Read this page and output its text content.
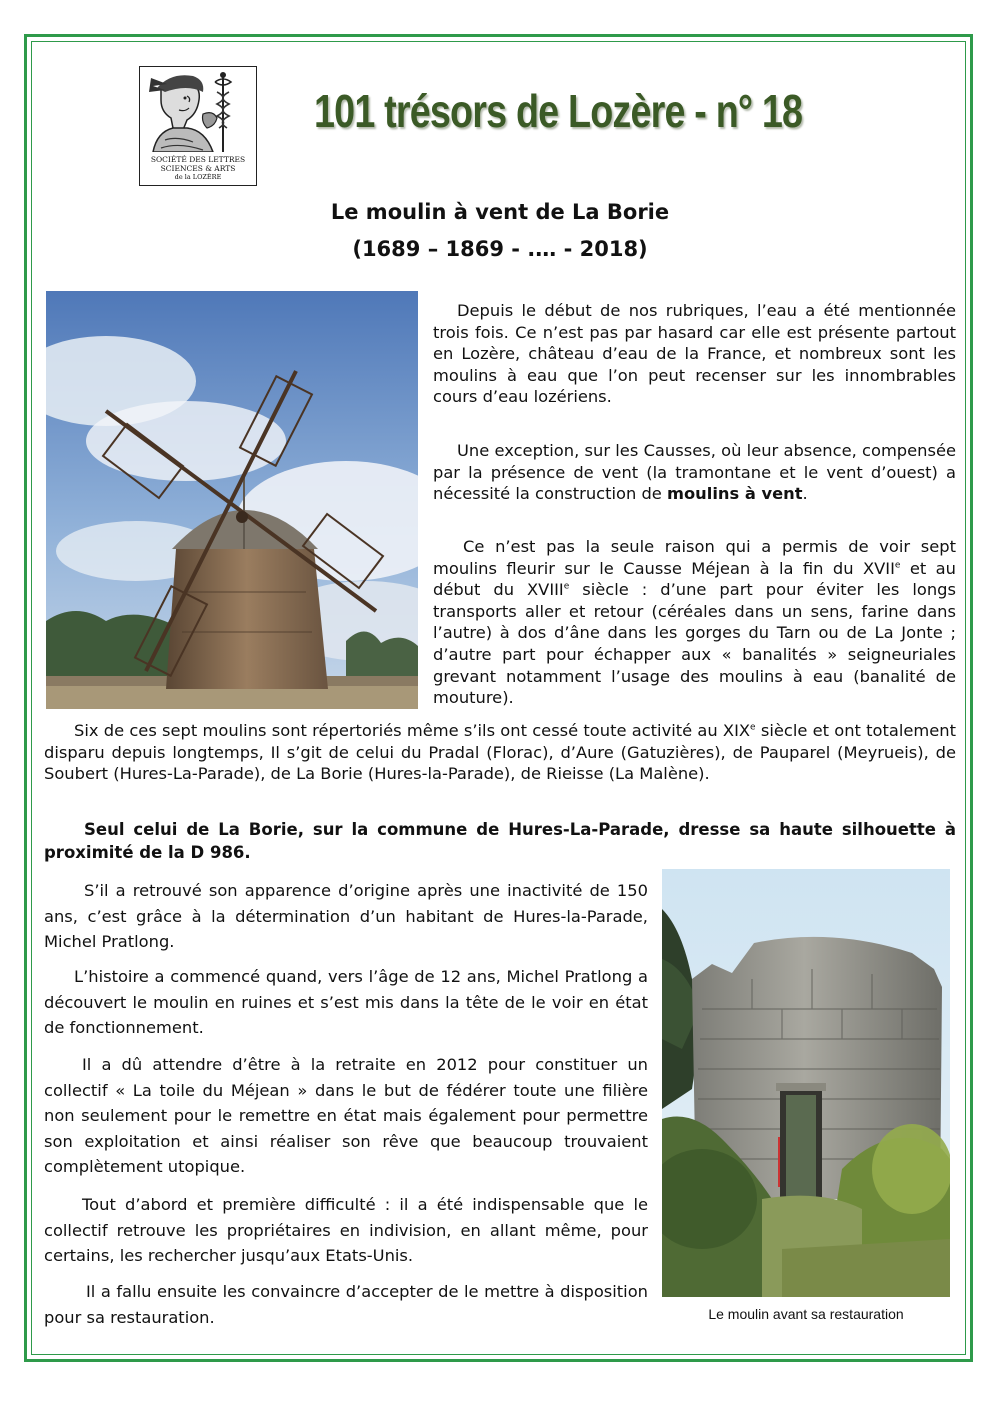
SOCIÉTÉ DES LETTRES
SCIENCES & ARTS
de la LOZÈRE
101 trésors de Lozère - n° 18
Le moulin à vent de La Borie
(1689 – 1869 - .… - 2018)

Depuis le début de nos rubriques, l’eau a été mentionnée trois fois. Ce n’est pas par hasard car elle est présente partout en Lozère, château d’eau de la France, et nombreux sont les moulins à eau que l’on peut recenser sur les innombrables cours d’eau lozériens.

Une exception, sur les Causses, où leur absence, compensée par la présence de vent (la tramontane et le vent d’ouest) a nécessité la construction de moulins à vent.

Ce n’est pas la seule raison qui a permis de voir sept moulins fleurir sur le Causse Méjean à la fin du XVIIe et au début du XVIIIe siècle : d’une part pour éviter les longs transports aller et retour (céréales dans un sens, farine dans l’autre) à dos d’âne dans les gorges du Tarn ou de La Jonte ; d’autre part pour échapper aux « banalités » seigneuriales grevant notamment l’usage des moulins à eau (banalité de mouture).

Six de ces sept moulins sont répertoriés même s’ils ont cessé toute activité au XIXe siècle et ont totalement disparu depuis longtemps, Il s’git de celui du Pradal (Florac), d’Aure (Gatuzières), de Pauparel (Meyrueis), de Soubert (Hures-La-Parade), de La Borie (Hures-la-Parade), de Rieisse (La Malène).

Seul celui de La Borie, sur la commune de Hures-La-Parade, dresse sa haute silhouette à proximité de la D 986.

S’il a retrouvé son apparence d’origine après une inactivité de 150 ans, c’est grâce à la détermination d’un habitant de Hures-la-Parade, Michel Pratlong.

L’histoire a commencé quand, vers l’âge de 12 ans, Michel Pratlong a découvert le moulin en ruines et s’est mis dans la tête de le voir en état de fonctionnement.

Il a dû attendre d’être à la retraite en 2012 pour constituer un collectif « La toile du Méjean » dans le but de fédérer toute une filière non seulement pour le remettre en état mais également pour permettre son exploitation et ainsi réaliser son rêve que beaucoup trouvaient complètement utopique.

Tout d’abord et première difficulté : il a été indispensable que le collectif retrouve les propriétaires en indivision, en allant même, pour certains, les rechercher jusqu’aux Etats-Unis.

Il a fallu ensuite les convaincre d’accepter de le mettre à disposition pour sa restauration.	Le moulin avant sa restauration
